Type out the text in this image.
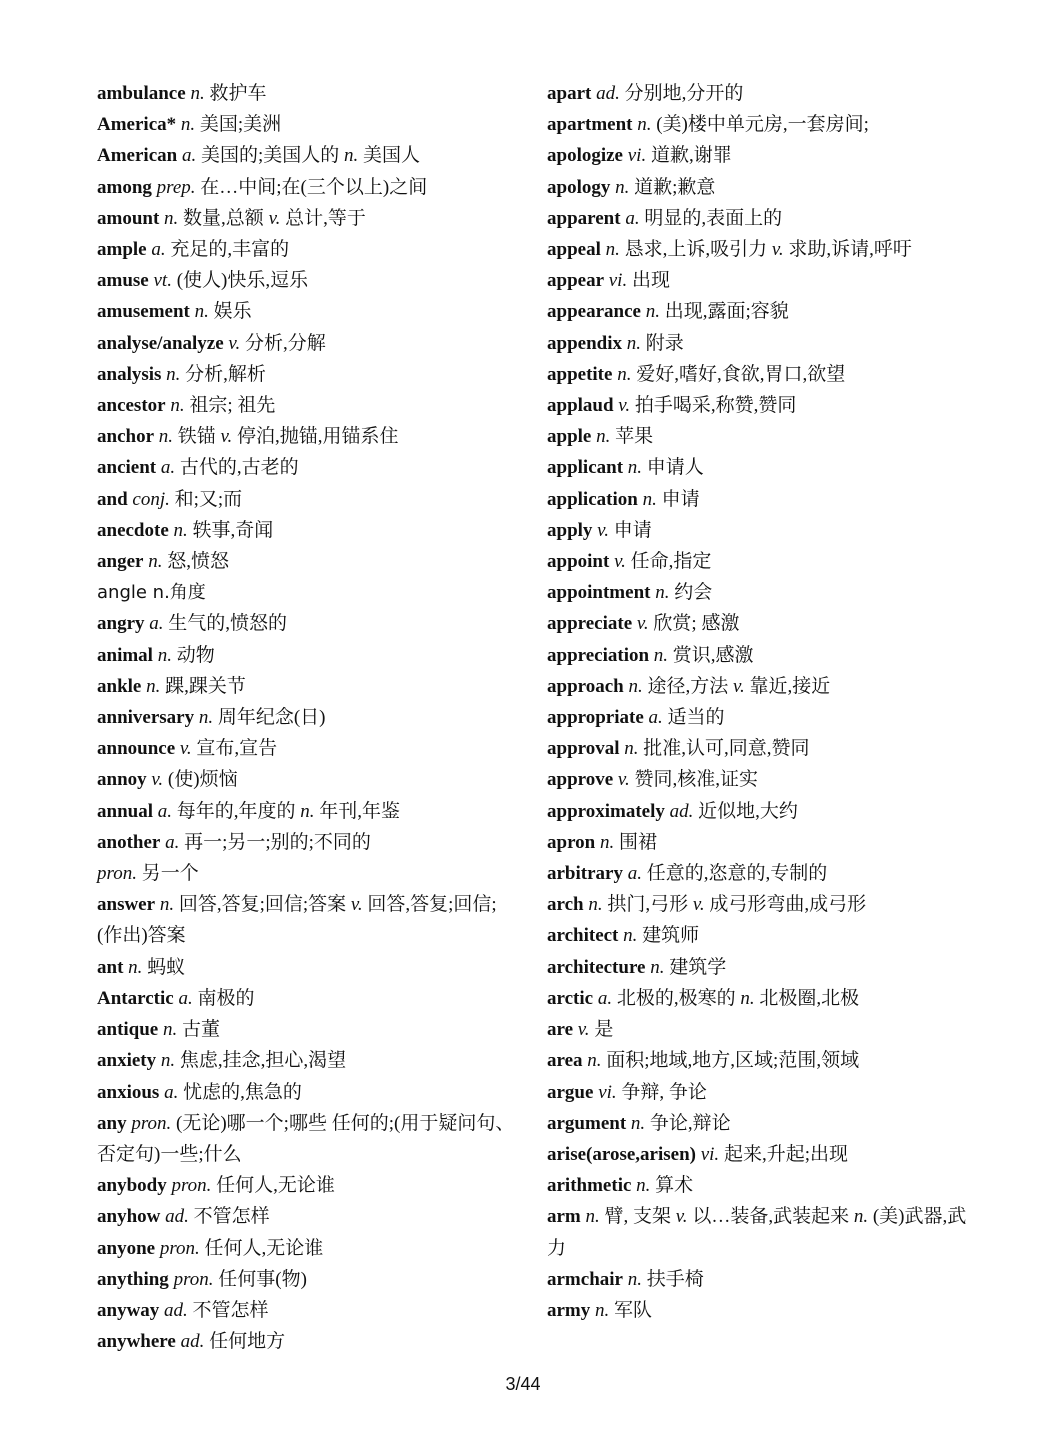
ambulance n. 救护车
America* n. 美国;美洲
American a. 美国的;美国人的 n. 美国人
among prep. 在…中间;在(三个以上)之间
amount n. 数量,总额 v. 总计,等于
ample a. 充足的,丰富的
amuse vt. (使人)快乐,逗乐
amusement n. 娱乐
analyse/analyze v. 分析,分解
analysis n. 分析,解析
ancestor n. 祖宗; 祖先
anchor n. 铁锚 v. 停泊,抛锚,用锚系住
ancient a. 古代的,古老的
and conj. 和;又;而
anecdote n. 轶事,奇闻
anger n. 怒,愤怒
angle n.角度
angry a. 生气的,愤怒的
animal n. 动物
ankle n. 踝,踝关节
anniversary n. 周年纪念(日)
announce v. 宣布,宣告
annoy v. (使)烦恼
annual a. 每年的,年度的 n. 年刊,年鉴
another a. 再一;另一;别的;不同的
pron. 另一个
answer n. 回答,答复;回信;答案 v. 回答,答复;回信;(作出)答案
ant n. 蚂蚁
Antarctic a. 南极的
antique n. 古董
anxiety n. 焦虑,挂念,担心,渴望
anxious a. 忧虑的,焦急的
any pron. (无论)哪一个;哪些 任何的;(用于疑问句、否定句)一些;什么
anybody pron. 任何人,无论谁
anyhow ad. 不管怎样
anyone pron. 任何人,无论谁
anything pron. 任何事(物)
anyway ad. 不管怎样
anywhere ad. 任何地方
apart ad. 分别地,分开的
apartment n. (美)楼中单元房,一套房间;
apologize vi. 道歉,谢罪
apology n. 道歉;歉意
apparent a. 明显的,表面上的
appeal n. 恳求,上诉,吸引力 v. 求助,诉请,呼吁
appear vi. 出现
appearance n. 出现,露面;容貌
appendix n. 附录
appetite n. 爱好,嗜好,食欲,胃口,欲望
applaud v. 拍手喝采,称赞,赞同
apple n. 苹果
applicant n. 申请人
application n. 申请
apply v. 申请
appoint v. 任命,指定
appointment n. 约会
appreciate v. 欣赏; 感激
appreciation n. 赏识,感激
approach n. 途径,方法 v. 靠近,接近
appropriate a. 适当的
approval n. 批准,认可,同意,赞同
approve v. 赞同,核准,证实
approximately ad. 近似地,大约
apron n. 围裙
arbitrary a. 任意的,恣意的,专制的
arch n. 拱门,弓形 v. 成弓形弯曲,成弓形
architect n. 建筑师
architecture n. 建筑学
arctic a. 北极的,极寒的 n. 北极圈,北极
are v. 是
area n. 面积;地域,地方,区域;范围,领域
argue vi. 争辩, 争论
argument n. 争论,辩论
arise(arose,arisen) vi. 起来,升起;出现
arithmetic n. 算术
arm n. 臂, 支架 v. 以…装备,武装起来 n. (美)武器,武力
armchair n. 扶手椅
army n. 军队
3/44
